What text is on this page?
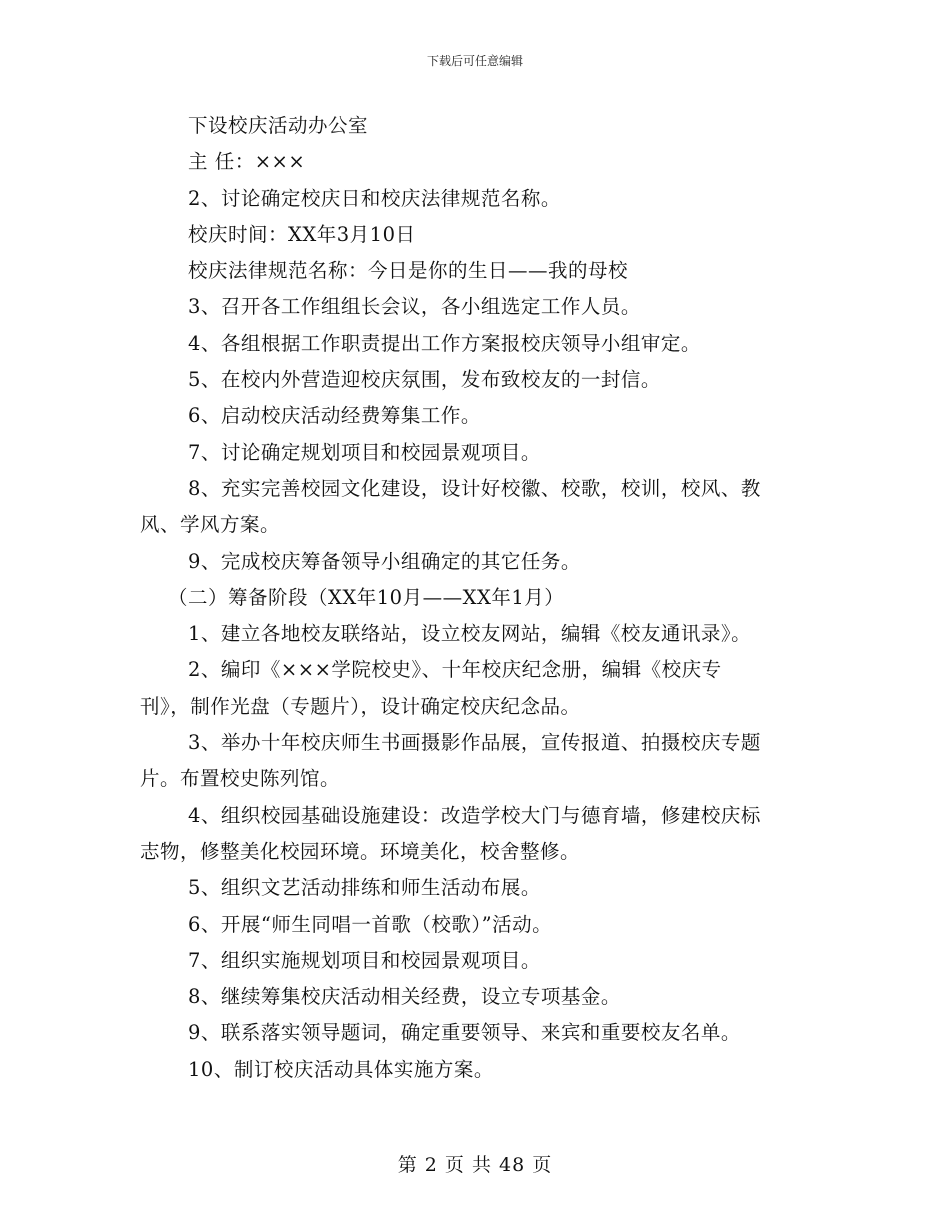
下载后可任意编辑
下设校庆活动办公室
主 任：×××
2、讨论确定校庆日和校庆法律规范名称。
校庆时间：XX年3月10日
校庆法律规范名称：今日是你的生日——我的母校
3、召开各工作组组长会议，各小组选定工作人员。
4、各组根据工作职责提出工作方案报校庆领导小组审定。
5、在校内外营造迎校庆氛围，发布致校友的一封信。
6、启动校庆活动经费筹集工作。
7、讨论确定规划项目和校园景观项目。
8、充实完善校园文化建设，设计好校徽、校歌，校训，校风、教
风、学风方案。
9、完成校庆筹备领导小组确定的其它任务。
（二）筹备阶段（XX年10月——XX年1月）
1、建立各地校友联络站，设立校友网站，编辑《校友通讯录》。
2、编印《×××学院校史》、十年校庆纪念册，编辑《校庆专
刊》，制作光盘（专题片），设计确定校庆纪念品。
3、举办十年校庆师生书画摄影作品展，宣传报道、拍摄校庆专题
片。布置校史陈列馆。
4、组织校园基础设施建设：改造学校大门与德育墙，修建校庆标
志物，修整美化校园环境。环境美化，校舍整修。
5、组织文艺活动排练和师生活动布展。
6、开展“师生同唱一首歌（校歌）”活动。
7、组织实施规划项目和校园景观项目。
8、继续筹集校庆活动相关经费，设立专项基金。
9、联系落实领导题词，确定重要领导、来宾和重要校友名单。
10、制订校庆活动具体实施方案。
第 2 页 共 48 页
